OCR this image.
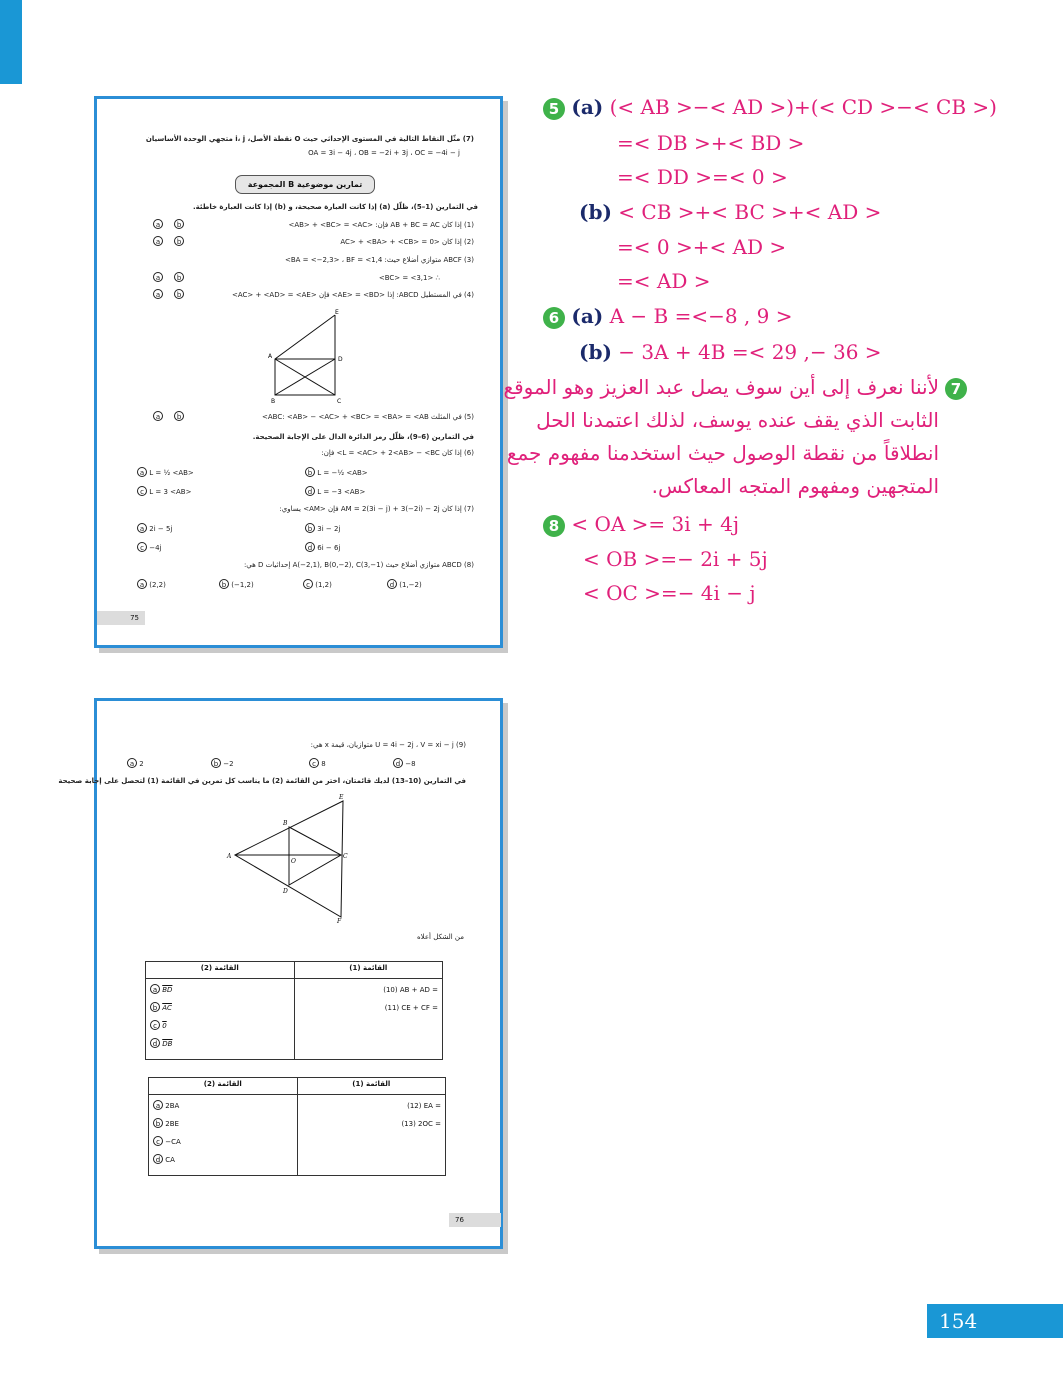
(7) مثّل النقاط التالية في المستوى الإحداثي حيث O نقطة الأصل، i، j متجهي الوحدة الأساسيان
OA = 3i − 4j ، OB = −2i + 3j ، OC = −4i − j
المجموعة B تمارين موضوعية
في التمارين (1–5)، ظلّل (a) إذا كانت العبارة صحيحة، و (b) إذا كانت العبارة خاطئة.
a b	(1) إذا كان AB + BC = AC فإن: <AB> + <BC> = <AC>
a b	(2) إذا كان <AC> + <BA> + <CB> = 0
(3) ABCF متوازي أضلاع حيث: BA = <−2,3> ، BF = <1,4>
a b	∴ <BC> = <3,1>
a b	(4) في المستطيل ABCD: إذا <AE> = <BD> فإن <AC> + <AD> = <AE>
E
A	D
B	C
a b	(5) في المثلث ABC: <AB> − <AC> + <BC> = <BA> = <AB>
في التمارين (6–9)، ظلّل رمز الدائرة الدال على الإجابة الصحيحة.
(6) إذا كان L = <AC> + 2<AB> − <BC> فإن:
a L = ½ <AB>	b L = −½ <AB>
c L = 3 <AB>	d L = −3 <AB>
(7) إذا كان AM = 2(3i − j) + 3(−2i) − 2j فإن <AM> يساوي:
a 2i − 5j	b 3i − 2j
c −4j	d 6i − 6j
(8) ABCD متوازي أضلاع حيث A(−2,1), B(0,−2), C(3,−1) إحداثيات D هي:
a (2,2)	b (−1,2)	c (1,2)	d (1,−2)
75
(9) U = 4i − 2j ، V = xi − j متوازيان، قيمة x هي:
a 2	b −2	c 8	d −8
في التمارين (10–13) لديك قائمتان، اختر من القائمة (2) ما يناسب كل تمرين في القائمة (1) لتحصل على إجابة صحيحة
A
E
B
C
D
O
F
من الشكل أعلاه
القائمة (2)	القائمة (1)

a $\overline{BD}$
b $\overline{AC}$
c 0
d $\overline{DB}$	(10) AB + AD =
(11) CE + CF =
القائمة (2)	القائمة (1)

a 2BA
b 2BE
c −CA
d CA	(12) EA =
(13) 2OC =
76
5 (a) (< AB >−< AD >)+(< CD >−< CB >)
=< DB >+< BD >
=< DD >=< 0 >
(b) < CB >+< BC >+< AD >
=< 0 >+< AD >
=< AD >
6 (a) A − B =<−8 , 9 >
(b) − 3A + 4B =< 29 ,− 36 >
7
لأننا نعرف إلى أين سوف يصل عبد العزيز وهو الموقع
الثابت الذي يقف عنده يوسف، لذلك اعتمدنا الحل
انطلاقاً من نقطة الوصول حيث استخدمنا مفهوم جمع
المتجهين ومفهوم المتجه المعاكس.
8 < OA >= 3i + 4j
< OB >=− 2i + 5j
< OC >=− 4i − j
154
